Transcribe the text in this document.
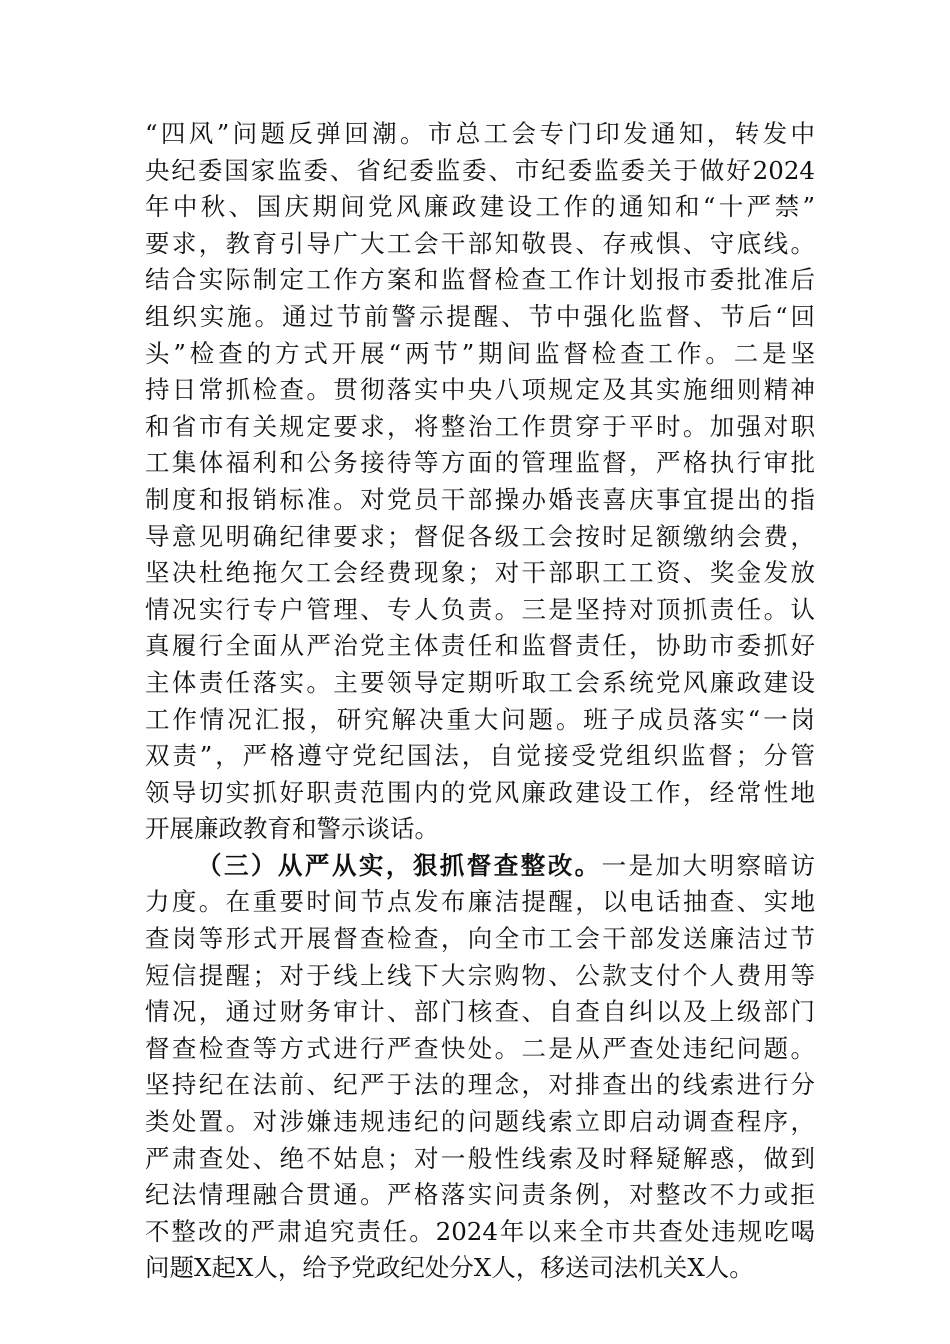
“四风”问题反弹回潮。市总工会专门印发通知，转发中
央纪委国家监委、省纪委监委、市纪委监委关于做好2024
年中秋、国庆期间党风廉政建设工作的通知和“十严禁”
要求，教育引导广大工会干部知敬畏、存戒惧、守底线。
结合实际制定工作方案和监督检查工作计划报市委批准后
组织实施。通过节前警示提醒、节中强化监督、节后“回
头”检查的方式开展“两节”期间监督检查工作。二是坚
持日常抓检查。贯彻落实中央八项规定及其实施细则精神
和省市有关规定要求，将整治工作贯穿于平时。加强对职
工集体福利和公务接待等方面的管理监督，严格执行审批
制度和报销标准。对党员干部操办婚丧喜庆事宜提出的指
导意见明确纪律要求；督促各级工会按时足额缴纳会费，
坚决杜绝拖欠工会经费现象；对干部职工工资、奖金发放
情况实行专户管理、专人负责。三是坚持对顶抓责任。认
真履行全面从严治党主体责任和监督责任，协助市委抓好
主体责任落实。主要领导定期听取工会系统党风廉政建设
工作情况汇报，研究解决重大问题。班子成员落实“一岗
双责”，严格遵守党纪国法，自觉接受党组织监督；分管
领导切实抓好职责范围内的党风廉政建设工作，经常性地
开展廉政教育和警示谈话。
（三）从严从实，狠抓督查整改。一是加大明察暗访
力度。在重要时间节点发布廉洁提醒，以电话抽查、实地
查岗等形式开展督查检查，向全市工会干部发送廉洁过节
短信提醒；对于线上线下大宗购物、公款支付个人费用等
情况，通过财务审计、部门核查、自查自纠以及上级部门
督查检查等方式进行严查快处。二是从严查处违纪问题。
坚持纪在法前、纪严于法的理念，对排查出的线索进行分
类处置。对涉嫌违规违纪的问题线索立即启动调查程序，
严肃查处、绝不姑息；对一般性线索及时释疑解惑，做到
纪法情理融合贯通。严格落实问责条例，对整改不力或拒
不整改的严肃追究责任。2024年以来全市共查处违规吃喝
问题X起X人，给予党政纪处分X人，移送司法机关X人。
